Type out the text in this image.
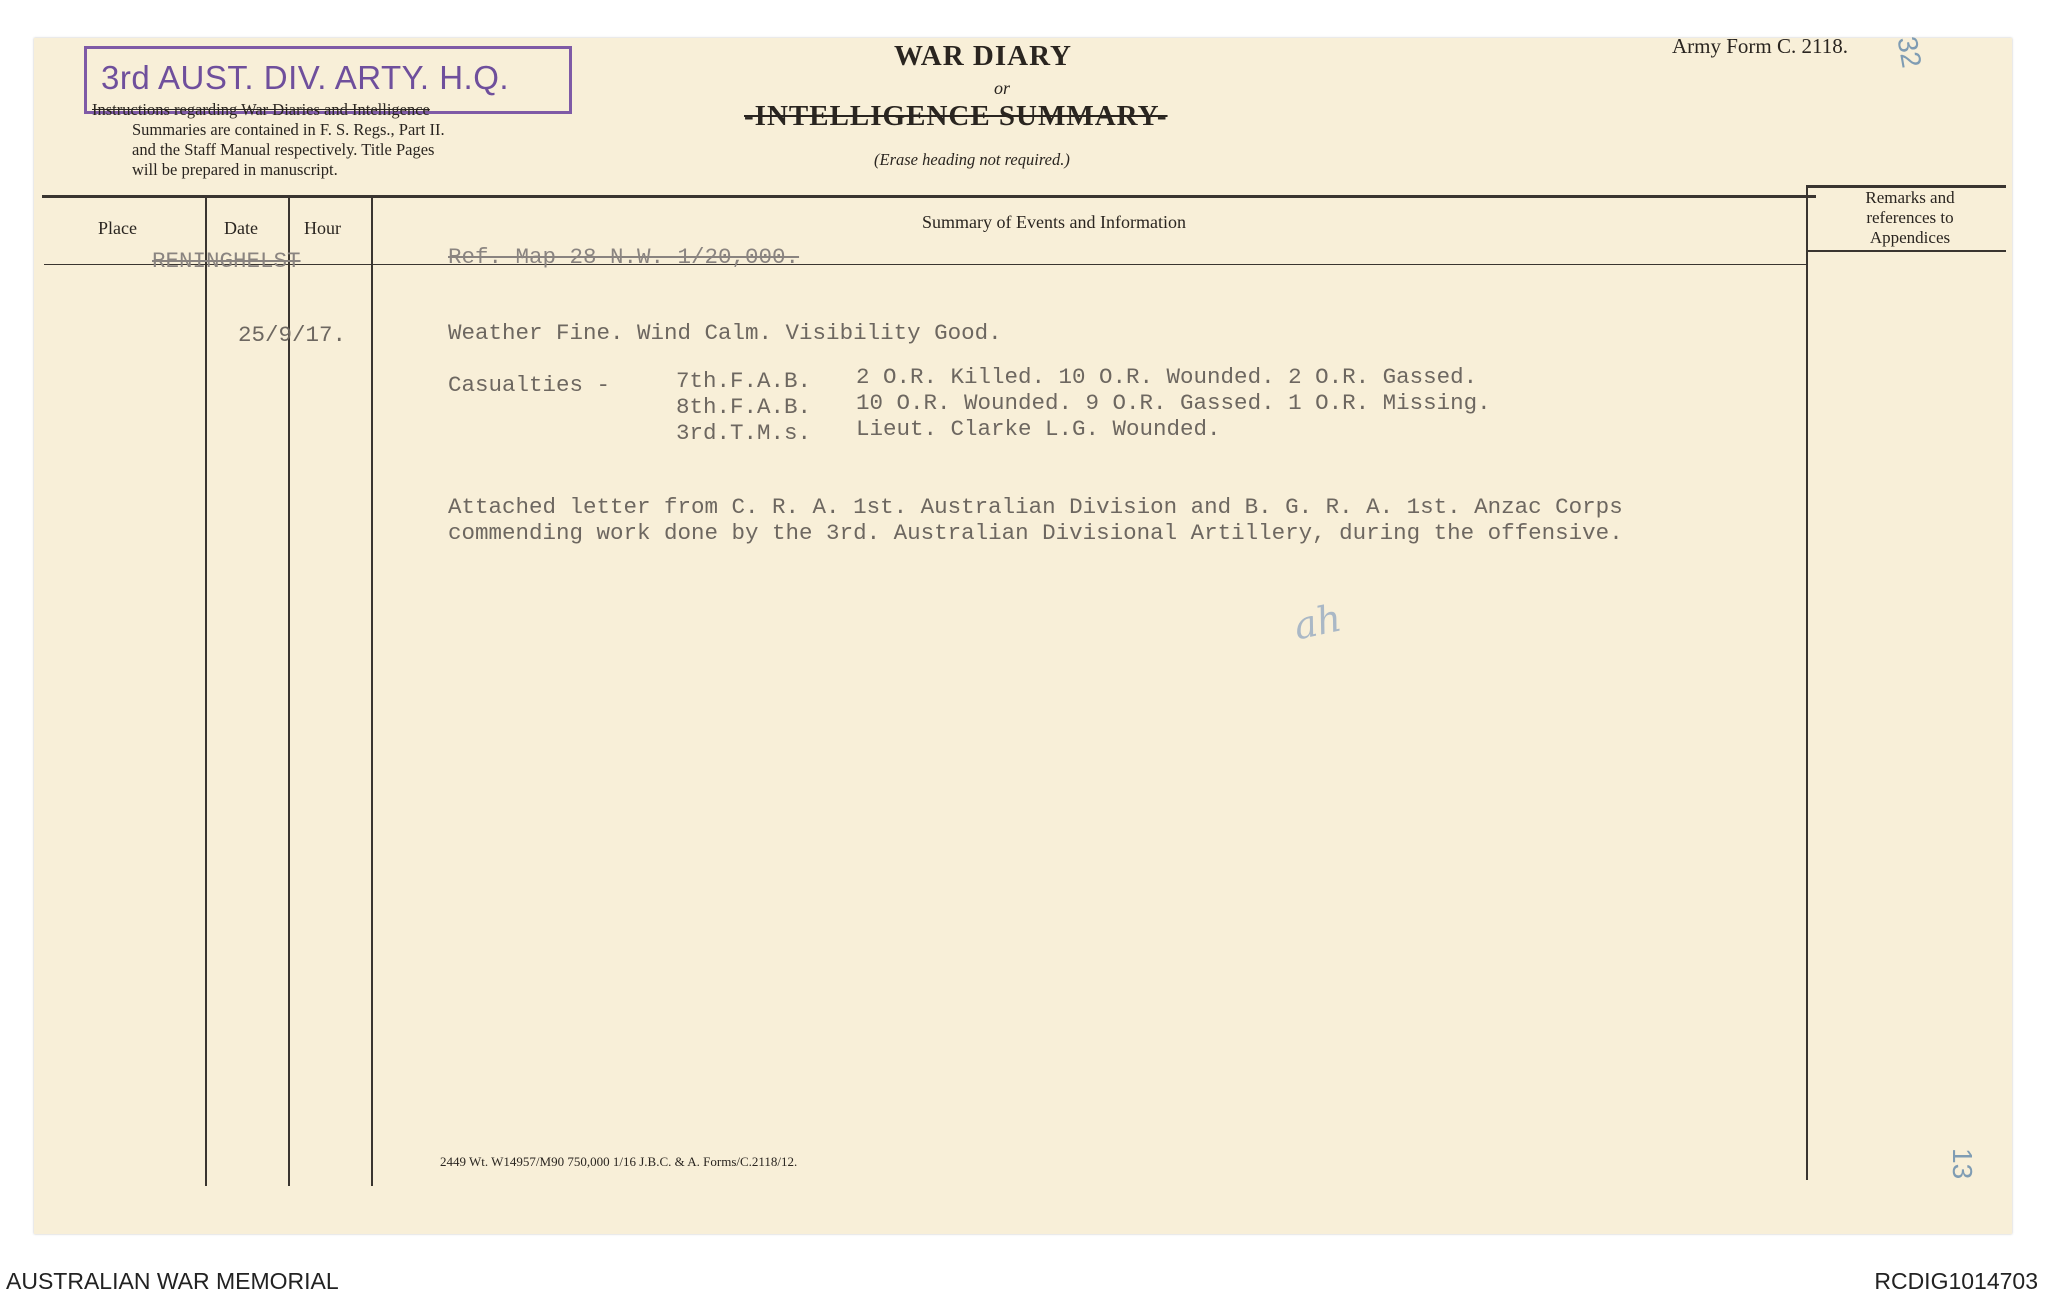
3rd AUST. DIV. ARTY. H.Q.
Instructions regarding War Diaries and Intelligence
Summaries are contained in F. S. Regs., Part II.
and the Staff Manual respectively. Title Pages
will be prepared in manuscript.
WAR DIARY
or
-INTELLIGENCE SUMMARY-
(Erase heading not required.)
Army Form C. 2118. 32
Place	Date	Hour	Summary of Events and Information
Remarks and
references to
Appendices
RENINGHELST	Ref. Map 28 N.W. 1/20,000.
25/9/17.	Weather Fine. Wind Calm. Visibility Good.
Casualties -	7th.F.A.B. 2 O.R. Killed. 10 O.R. Wounded. 2 O.R. Gassed.
8th.F.A.B. 10 O.R. Wounded. 9 O.R. Gassed. 1 O.R. Missing.
3rd.T.M.s. Lieut. Clarke L.G. Wounded.
Attached letter from C. R. A. 1st. Australian Division and B. G. R. A. 1st. Anzac Corps
commending work done by the 3rd. Australian Divisional Artillery, during the offensive.
ah
2449 Wt. W14957/M90 750,000 1/16 J.B.C. & A. Forms/C.2118/12.	13
AUSTRALIAN WAR MEMORIAL	RCDIG1014703
